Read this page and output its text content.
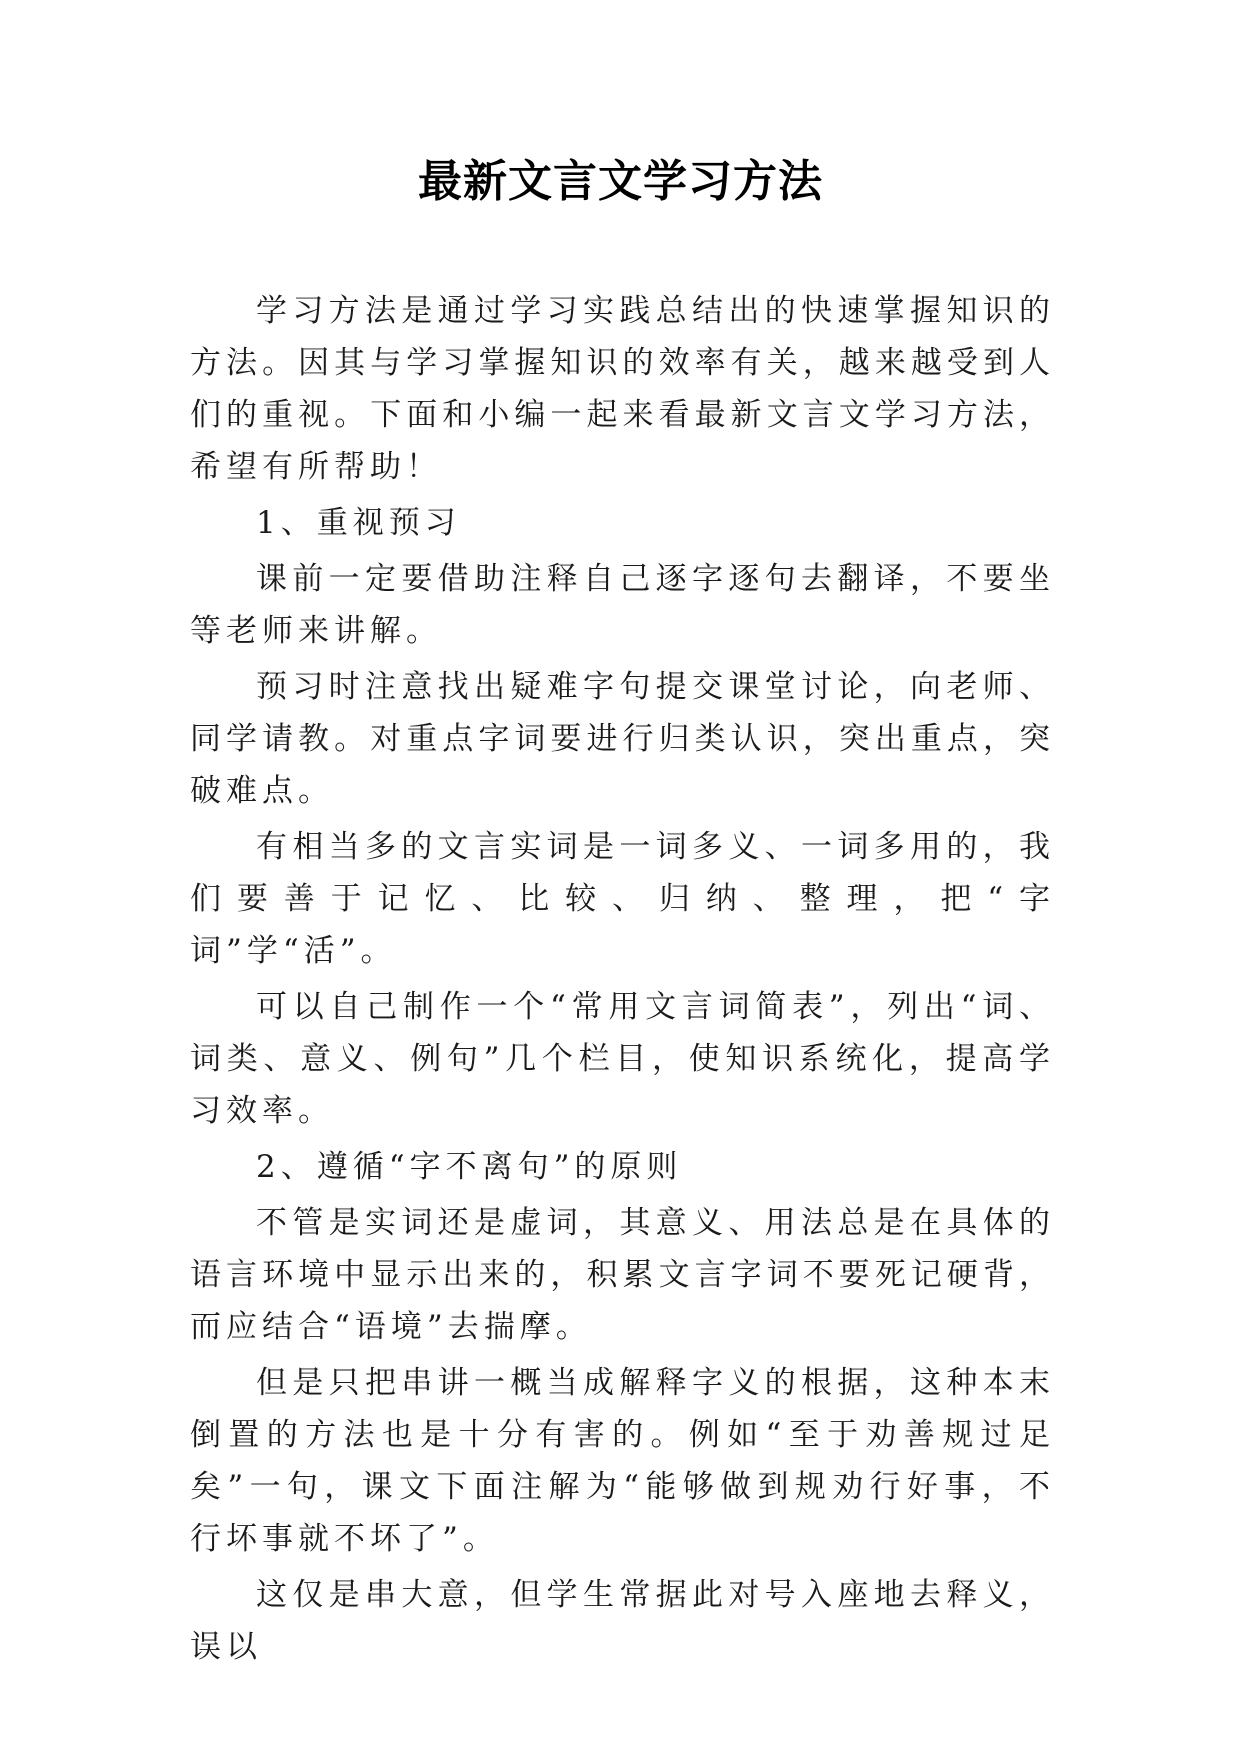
最新文言文学习方法

学习方法是通过学习实践总结出的快速掌握知识的方法。因其与学习掌握知识的效率有关，越来越受到人们的重视。下面和小编一起来看最新文言文学习方法，希望有所帮助！

1、重视预习

课前一定要借助注释自己逐字逐句去翻译，不要坐等老师来讲解。

预习时注意找出疑难字句提交课堂讨论，向老师、同学请教。对重点字词要进行归类认识，突出重点，突破难点。

有相当多的文言实词是一词多义、一词多用的，我们要善于记忆、比较、归纳、整理，把“字词”学“活”。

可以自己制作一个“常用文言词简表”，列出“词、词类、意义、例句”几个栏目，使知识系统化，提高学习效率。

2、遵循“字不离句”的原则

不管是实词还是虚词，其意义、用法总是在具体的语言环境中显示出来的，积累文言字词不要死记硬背，而应结合“语境”去揣摩。

但是只把串讲一概当成解释字义的根据，这种本末倒置的方法也是十分有害的。例如“至于劝善规过足矣”一句，课文下面注解为“能够做到规劝行好事，不行坏事就不坏了”。

这仅是串大意，但学生常据此对号入座地去释义，误以
